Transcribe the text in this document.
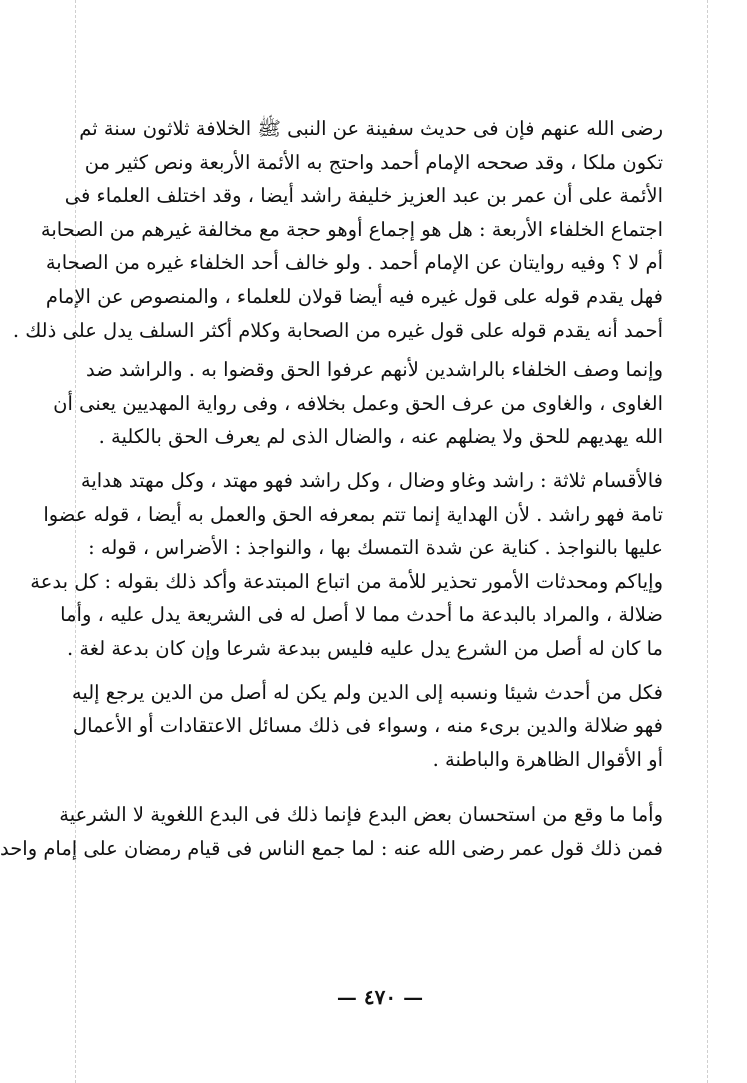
رضى الله عنهم فإن فى حديث سفينة عن النبى ﷺ الخلافة ثلاثون سنة ثم
تكون ملكا ، وقد صححه الإمام أحمد واحتج به الأئمة الأربعة ونص كثير من
الأئمة على أن عمر بن عبد العزيز خليفة راشد أيضا ، وقد اختلف العلماء فى
اجتماع الخلفاء الأربعة : هل هو إجماع أوهو حجة مع مخالفة غيرهم من الصحابة
أم لا ؟ وفيه روايتان عن الإمام أحمد . ولو خالف أحد الخلفاء غيره من الصحابة
فهل يقدم قوله على قول غيره فيه أيضا قولان للعلماء ، والمنصوص عن الإمام
أحمد أنه يقدم قوله على قول غيره من الصحابة وكلام أكثر السلف يدل على ذلك .
وإنما وصف الخلفاء بالراشدين لأنهم عرفوا الحق وقضوا به . والراشد ضد
الغاوى ، والغاوى من عرف الحق وعمل بخلافه ، وفى رواية المهديين يعنى أن
الله يهديهم للحق ولا يضلهم عنه ، والضال الذى لم يعرف الحق بالكلية .
فالأقسام ثلاثة : راشد وغاو وضال ، وكل راشد فهو مهتد ، وكل مهتد هداية
تامة فهو راشد . لأن الهداية إنما تتم بمعرفه الحق والعمل به أيضا ، قوله عضوا
عليها بالنواجذ . كناية عن شدة التمسك بها ، والنواجذ : الأضراس ، قوله :
وإياكم ومحدثات الأمور تحذير للأمة من اتباع المبتدعة وأكد ذلك بقوله : كل بدعة
ضلالة ، والمراد بالبدعة ما أحدث مما لا أصل له فى الشريعة يدل عليه ، وأما
ما كان له أصل من الشرع يدل عليه فليس ببدعة شرعا وإن كان بدعة لغة .
فكل من أحدث شيئا ونسبه إلى الدين ولم يكن له أصل من الدين يرجع إليه
فهو ضلالة والدين برىء منه ، وسواء فى ذلك مسائل الاعتقادات أو الأعمال
أو الأقوال الظاهرة والباطنة .
وأما ما وقع من استحسان بعض البدع فإنما ذلك فى البدع اللغوية لا الشرعية
فمن ذلك قول عمر رضى الله عنه : لما جمع الناس فى قيام رمضان على إمام واحد
— ٤٧٠ —
